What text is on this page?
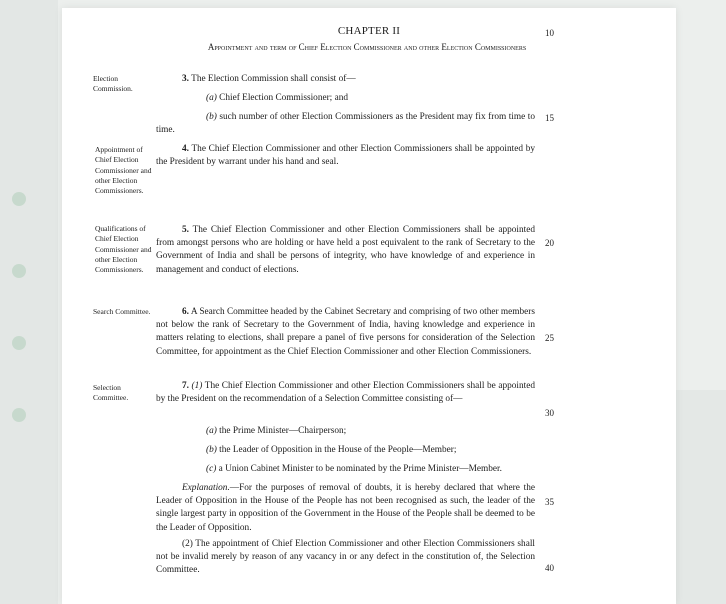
CHAPTER II
Appointment and term of Chief Election Commissioner and other Election Commissioners
10
15
20
25
30
35
40
Election Commission.
Appointment of Chief Election Commissioner and other Election Commissioners.
Qualifications of Chief Election Commissioner and other Election Commissioners.
Search Committee.
Selection Committee.
3. The Election Commission shall consist of—
(a) Chief Election Commissioner; and
(b) such number of other Election Commissioners as the President may fix from time to time.
4. The Chief Election Commissioner and other Election Commissioners shall be appointed by the President by warrant under his hand and seal.
5. The Chief Election Commissioner and other Election Commissioners shall be appointed from amongst persons who are holding or have held a post equivalent to the rank of Secretary to the Government of India and shall be persons of integrity, who have knowledge of and experience in management and conduct of elections.
6. A Search Committee headed by the Cabinet Secretary and comprising of two other members not below the rank of Secretary to the Government of India, having knowledge and experience in matters relating to elections, shall prepare a panel of five persons for consideration of the Selection Committee, for appointment as the Chief Election Commissioner and other Election Commissioners.
7. (1) The Chief Election Commissioner and other Election Commissioners shall be appointed by the President on the recommendation of a Selection Committee consisting of—
(a) the Prime Minister—Chairperson;
(b) the Leader of Opposition in the House of the People—Member;
(c) a Union Cabinet Minister to be nominated by the Prime Minister—Member.
Explanation.—For the purposes of removal of doubts, it is hereby declared that where the Leader of Opposition in the House of the People has not been recognised as such, the leader of the single largest party in opposition of the Government in the House of the People shall be deemed to be the Leader of Opposition.
(2) The appointment of Chief Election Commissioner and other Election Commissioners shall not be invalid merely by reason of any vacancy in or any defect in the constitution of, the Selection Committee.
